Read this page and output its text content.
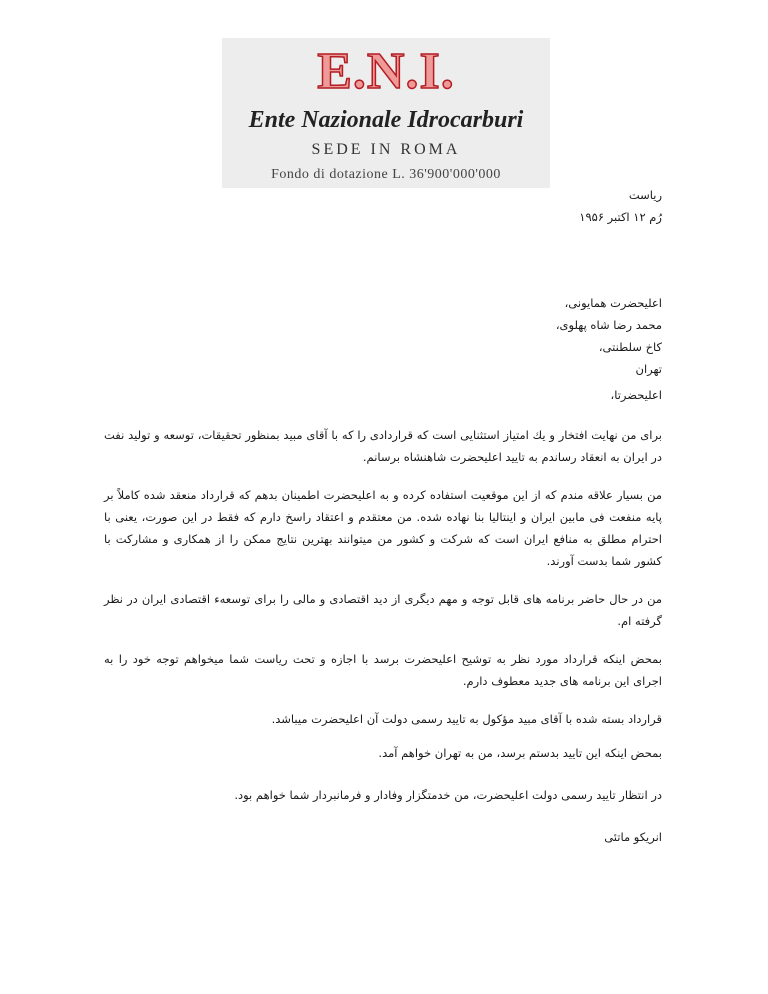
E.N.I.
Ente Nazionale Idrocarburi
SEDE IN ROMA
Fondo di dotazione L. 36'900'000'000
ریاست
رُم ۱۲ اکتبر ۱۹۵۶
اعلیحضرت همایونی،
محمد رضا شاه پهلوی،
کاخ سلطنتی،
تهران
اعلیحضرتا،
برای من نهایت افتخار و یك امتیاز استثنایی است که قراردادی را که با آقای مبید بمنظور تحقیقات، توسعه و تولید نفت در ایران به انعقاد رساندم به تایید اعلیحضرت شاهنشاه برسانم.
من بسیار علاقه مندم که از این موقعیت استفاده کرده و به اعلیحضرت اطمینان بدهم که قرارداد منعقد شده کاملاً بر پایه منفعت فی مابین ایران و اینتالیا بنا نهاده شده. من معتقدم و اعتقاد راسخ دارم که فقط در این صورت، یعنی با احترام مطلق به منافع ایران است که شرکت و کشور من میتوانند بهترین نتایج ممکن را از همکاری و مشارکت با کشور شما بدست آورند.
من در حال حاضر برنامه های قابل توجه و مهم دیگری از دید اقتصادی و مالی را برای توسعه‌ء اقتصادی ایران در نظر گرفته ام.
بمحض اینکه قرارداد مورد نظر به توشیح اعلیحضرت برسد با اجازه و تحت ریاست شما میخواهم توجه خود را به اجرای این برنامه های جدید معطوف دارم.
قرارداد بسته شده با آقای مبید مؤکول به تایید رسمی دولت آن اعلیحضرت میباشد.
بمحض اینکه این تایید بدستم برسد، من به تهران خواهم آمد.
در انتظار تایید رسمی دولت اعلیحضرت، من خدمتگزار وفادار و فرمانبردار شما خواهم بود.
انریکو ماتئی
